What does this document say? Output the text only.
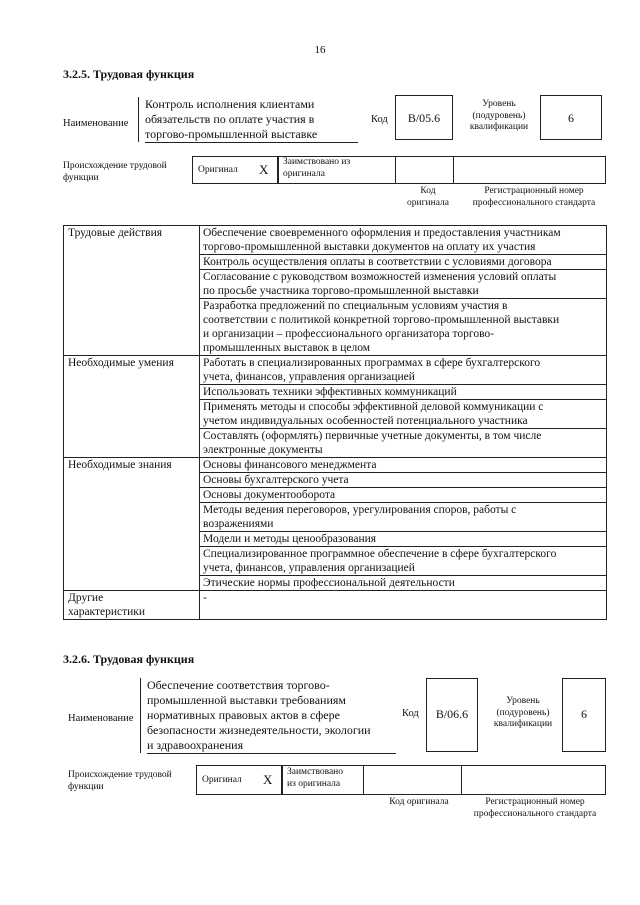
16
3.2.5. Трудовая функция
Наименование
Контроль исполнения клиентами
обязательств по оплате участия в
торгово-промышленной выставке
Код	B/05.6
Уровень
(подуровень)
квалификации
6
Происхождение трудовой
функции
Оригинал X Заимствовано из
оригинала
Код
оригинала
Регистрационный номер
профессионального стандарта
Трудовые действия	Обеспечение своевременного оформления и предоставления участникам
торгово-промышленной выставки документов на оплату их участия

	Контроль осуществления оплаты в соответствии с условиями договора

	Согласование с руководством возможностей изменения условий оплаты
по просьбе участника торгово-промышленной выставки

	Разработка предложений по специальным условиям участия в
соответствии с политикой конкретной торгово-промышленной выставки
и организации – профессионального организатора торгово-
промышленных выставок в целом

Необходимые умения	Работать в специализированных программах в сфере бухгалтерского
учета, финансов, управления организацией

	Использовать техники эффективных коммуникаций

	Применять методы и способы эффективной деловой коммуникации с
учетом индивидуальных особенностей потенциального участника

	Составлять (оформлять) первичные учетные документы, в том числе
электронные документы

Необходимые знания	Основы финансового менеджмента

	Основы бухгалтерского учета

	Основы документооборота

	Методы ведения переговоров, урегулирования споров, работы с
возражениями

	Модели и методы ценообразования

	Специализированное программное обеспечение в сфере бухгалтерского
учета, финансов, управления организацией

	Этические нормы профессиональной деятельности

Другие
характеристики	-
3.2.6. Трудовая функция
Наименование
Обеспечение соответствия торгово-
промышленной выставки требованиям
нормативных правовых актов в сфере
безопасности жизнедеятельности, экологии
и здравоохранения
Код	B/06.6
Уровень
(подуровень)
квалификации
6
Происхождение трудовой
функции
Оригинал X Заимствовано
из оригинала
Код оригинала	Регистрационный номер
профессионального стандарта
